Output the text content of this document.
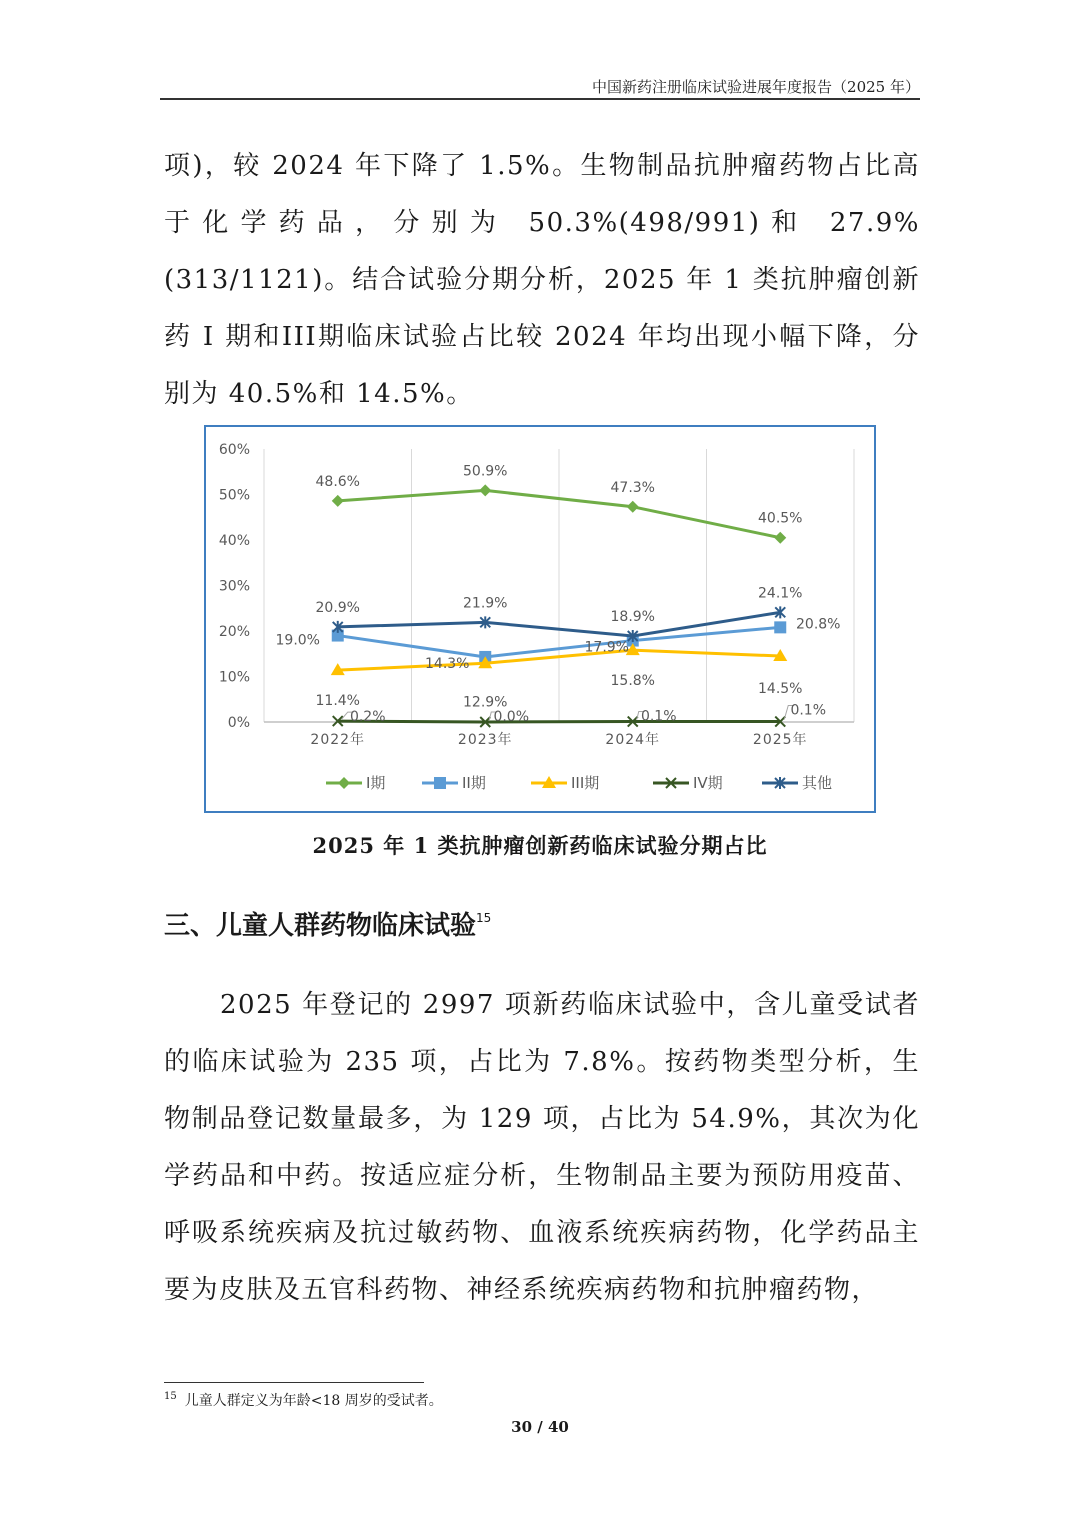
中国新药注册临床试验进展年度报告（2025 年）

项)，较 2024 年下降了 1.5%。生物制品抗肿瘤药物占比高于化学药品，分别为 50.3%(498/991)和 27.9%(313/1121)。结合试验分期分析，2025 年 1 类抗肿瘤创新药 I 期和III期临床试验占比较 2024 年均出现小幅下降，分别为 40.5%和 14.5%。

0%
10%
20%
30%
40%
50%
60%
2022年	2023年	2024年	2025年
48.6%
50.9%
47.3%
40.5%
19.0%
14.3%
17.9%
20.8%
11.4%	12.9%
15.8%	14.5%
0.2%	0.0%	0.1%	0.1%
20.9%	21.9%
18.9%
24.1%
I期	II期	III期	IV期	其他
2025 年 1 类抗肿瘤创新药临床试验分期占比
三、儿童人群药物临床试验$^{15}$

2025 年登记的 2997 项新药临床试验中，含儿童受试者的临床试验为 235 项，占比为 7.8%。按药物类型分析，生物制品登记数量最多，为 129 项，占比为 54.9%，其次为化学药品和中药。按适应症分析，生物制品主要为预防用疫苗、呼吸系统疾病及抗过敏药物、血液系统疾病药物，化学药品主要为皮肤及五官科药物、神经系统疾病药物和抗肿瘤药物，

$^{15}$ 儿童人群定义为年龄<18 周岁的受试者。
30 / 40
